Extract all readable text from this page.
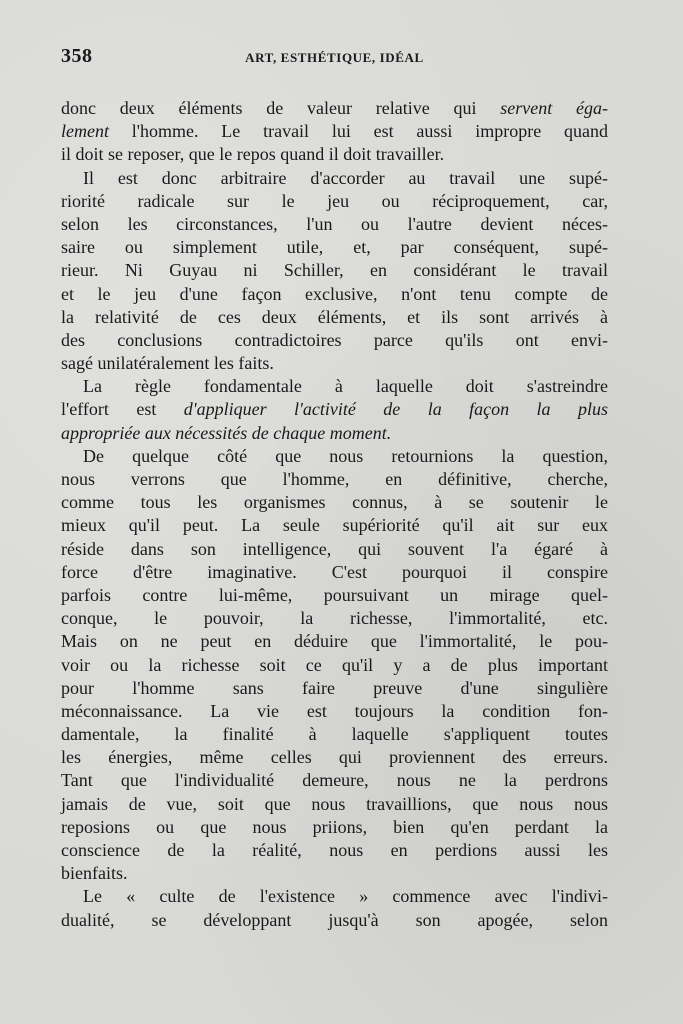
358	ART, ESTHÉTIQUE, IDÉAL
donc deux éléments de valeur relative qui servent éga-
lement l'homme. Le travail lui est aussi impropre quand
il doit se reposer, que le repos quand il doit travailler.
Il est donc arbitraire d'accorder au travail une supé-
riorité radicale sur le jeu ou réciproquement, car,
selon les circonstances, l'un ou l'autre devient néces-
saire ou simplement utile, et, par conséquent, supé-
rieur. Ni Guyau ni Schiller, en considérant le travail
et le jeu d'une façon exclusive, n'ont tenu compte de
la relativité de ces deux éléments, et ils sont arrivés à
des conclusions contradictoires parce qu'ils ont envi-
sagé unilatéralement les faits.
La règle fondamentale à laquelle doit s'astreindre
l'effort est d'appliquer l'activité de la façon la plus
appropriée aux nécessités de chaque moment.
De quelque côté que nous retournions la question,
nous verrons que l'homme, en définitive, cherche,
comme tous les organismes connus, à se soutenir le
mieux qu'il peut. La seule supériorité qu'il ait sur eux
réside dans son intelligence, qui souvent l'a égaré à
force d'être imaginative. C'est pourquoi il conspire
parfois contre lui-même, poursuivant un mirage quel-
conque, le pouvoir, la richesse, l'immortalité, etc.
Mais on ne peut en déduire que l'immortalité, le pou-
voir ou la richesse soit ce qu'il y a de plus important
pour l'homme sans faire preuve d'une singulière
méconnaissance. La vie est toujours la condition fon-
damentale, la finalité à laquelle s'appliquent toutes
les énergies, même celles qui proviennent des erreurs.
Tant que l'individualité demeure, nous ne la perdrons
jamais de vue, soit que nous travaillions, que nous nous
reposions ou que nous priions, bien qu'en perdant la
conscience de la réalité, nous en perdions aussi les
bienfaits.
Le « culte de l'existence » commence avec l'indivi-
dualité, se développant jusqu'à son apogée, selon
